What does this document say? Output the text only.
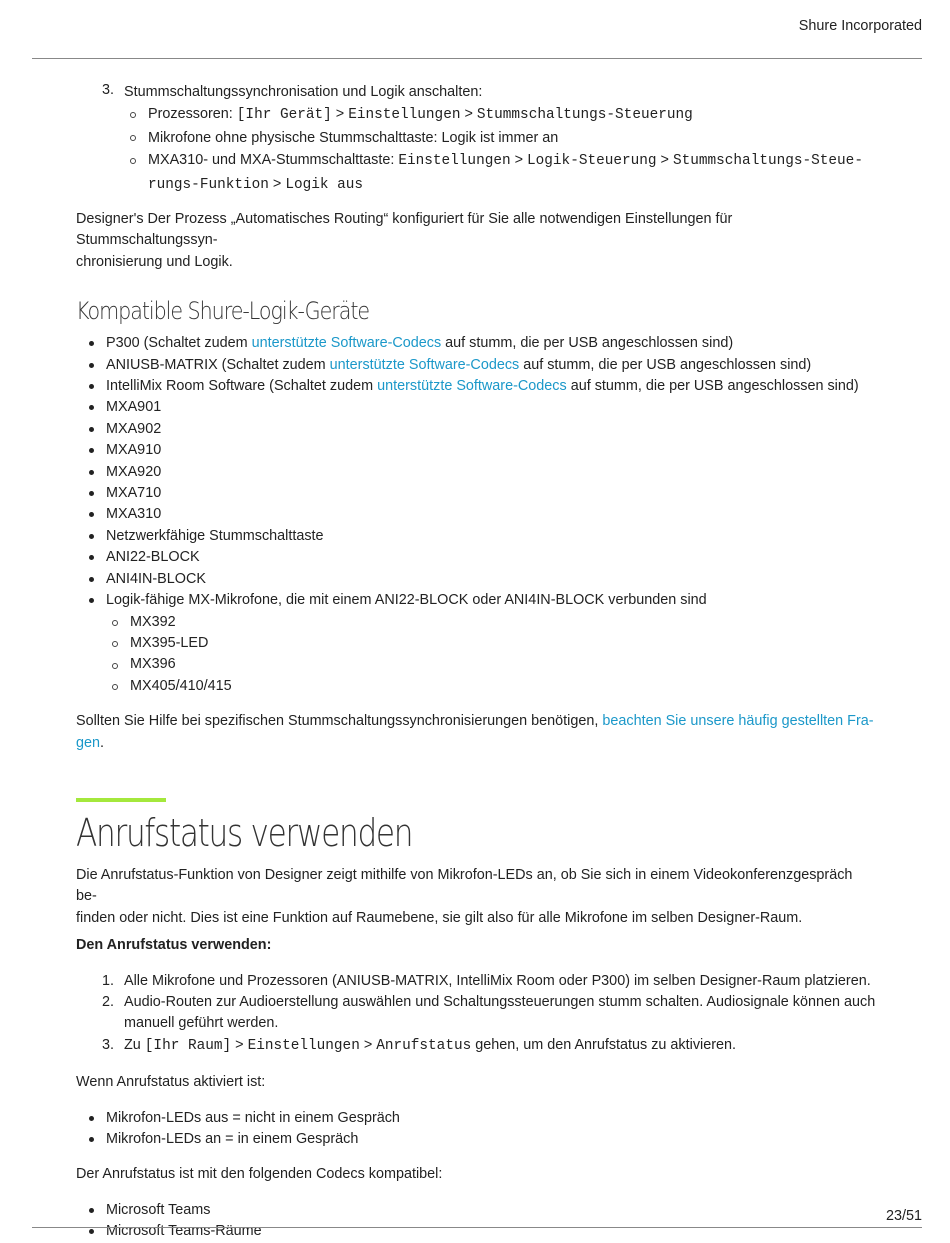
Shure Incorporated
3. Stummschaltungssynchronisation und Logik anschalten:
Prozessoren: [Ihr Gerät] > Einstellungen > Stummschaltungs-Steuerung
Mikrofone ohne physische Stummschalttaste: Logik ist immer an
MXA310- und MXA-Stummschalttaste: Einstellungen > Logik-Steuerung > Stummschaltungs-Steue-
rungs-Funktion > Logik aus

Designer's Der Prozess „Automatisches Routing“ konfiguriert für Sie alle notwendigen Einstellungen für Stummschaltungssyn-
chronisierung und Logik.

Kompatible Shure-Logik-Geräte
P300 (Schaltet zudem unterstützte Software-Codecs auf stumm, die per USB angeschlossen sind)
ANIUSB-MATRIX (Schaltet zudem unterstützte Software-Codecs auf stumm, die per USB angeschlossen sind)
IntelliMix Room Software (Schaltet zudem unterstützte Software-Codecs auf stumm, die per USB angeschlossen sind)
MXA901
MXA902
MXA910
MXA920
MXA710
MXA310
Netzwerkfähige Stummschalttaste
ANI22-BLOCK
ANI4IN-BLOCK
Logik-fähige MX-Mikrofone, die mit einem ANI22-BLOCK oder ANI4IN-BLOCK verbunden sind
MX392
MX395-LED
MX396
MX405/410/415

Sollten Sie Hilfe bei spezifischen Stummschaltungssynchronisierungen benötigen, beachten Sie unsere häufig gestellten Fra-
gen.

Anrufstatus verwenden

Die Anrufstatus-Funktion von Designer zeigt mithilfe von Mikrofon-LEDs an, ob Sie sich in einem Videokonferenzgespräch be-
finden oder nicht. Dies ist eine Funktion auf Raumebene, sie gilt also für alle Mikrofone im selben Designer-Raum.

Den Anrufstatus verwenden:

1. Alle Mikrofone und Prozessoren (ANIUSB-MATRIX, IntelliMix Room oder P300) im selben Designer-Raum platzieren.
2. Audio-Routen zur Audioerstellung auswählen und Schaltungssteuerungen stumm schalten. Audiosignale können auch
manuell geführt werden.
3. Zu [Ihr Raum] > Einstellungen > Anrufstatus gehen, um den Anrufstatus zu aktivieren.

Wenn Anrufstatus aktiviert ist:

Mikrofon-LEDs aus = nicht in einem Gespräch
Mikrofon-LEDs an = in einem Gespräch

Der Anrufstatus ist mit den folgenden Codecs kompatibel:

Microsoft Teams
Microsoft Teams-Räume
23/51
